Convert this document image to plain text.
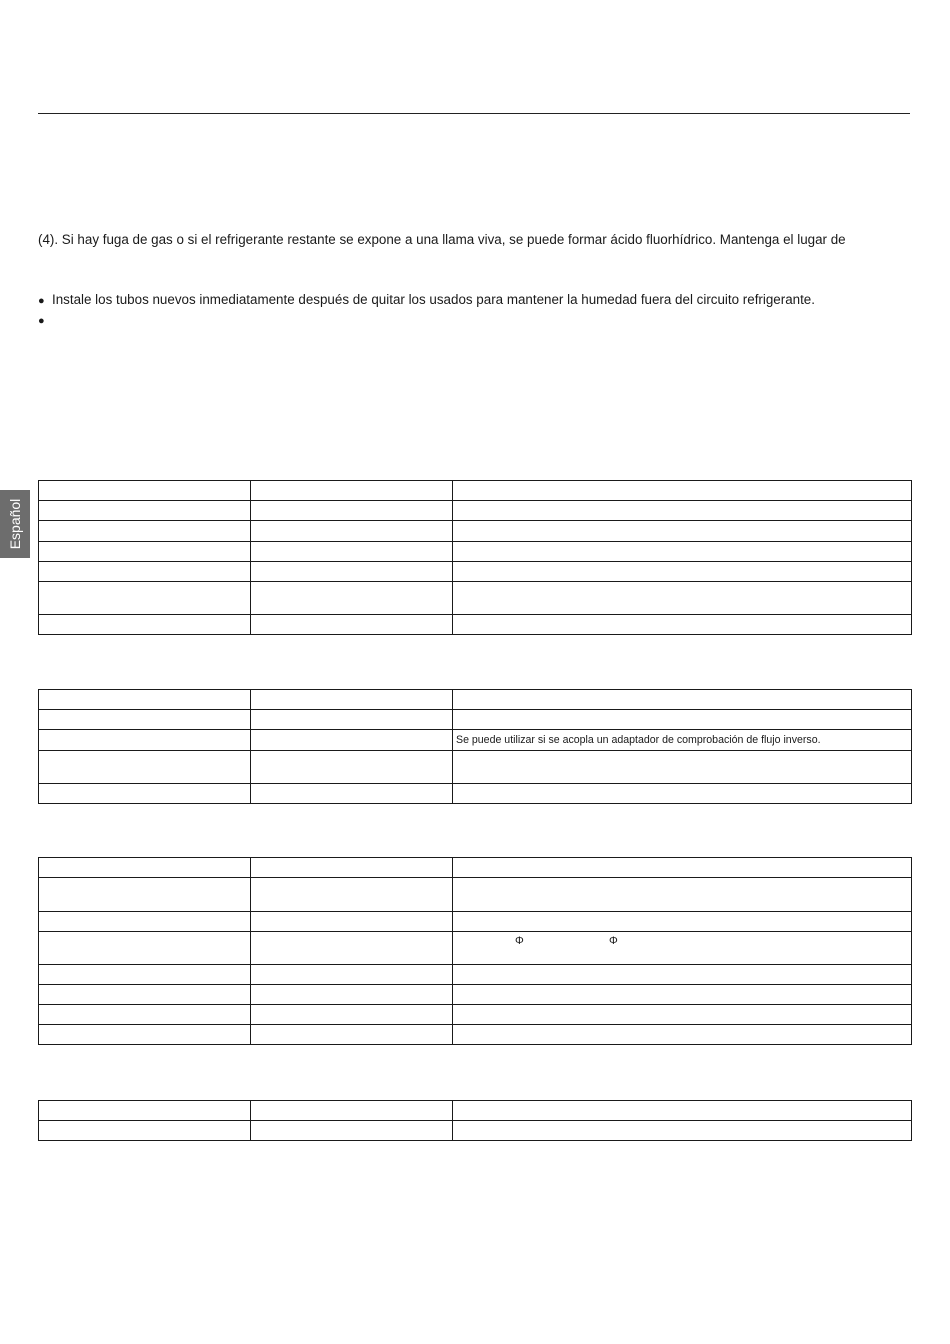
(4). Si hay fuga de gas o si el refrigerante restante se expone a una llama viva, se puede formar ácido fluorhídrico. Mantenga el lugar de
● Instale los tubos nuevos inmediatamente después de quitar los usados para mantener la humedad fuera del circuito refrigerante.
●
Español

		Se puede utilizar si se acopla un adaptador de comprobación de flujo inverso.

		Φ Φ
